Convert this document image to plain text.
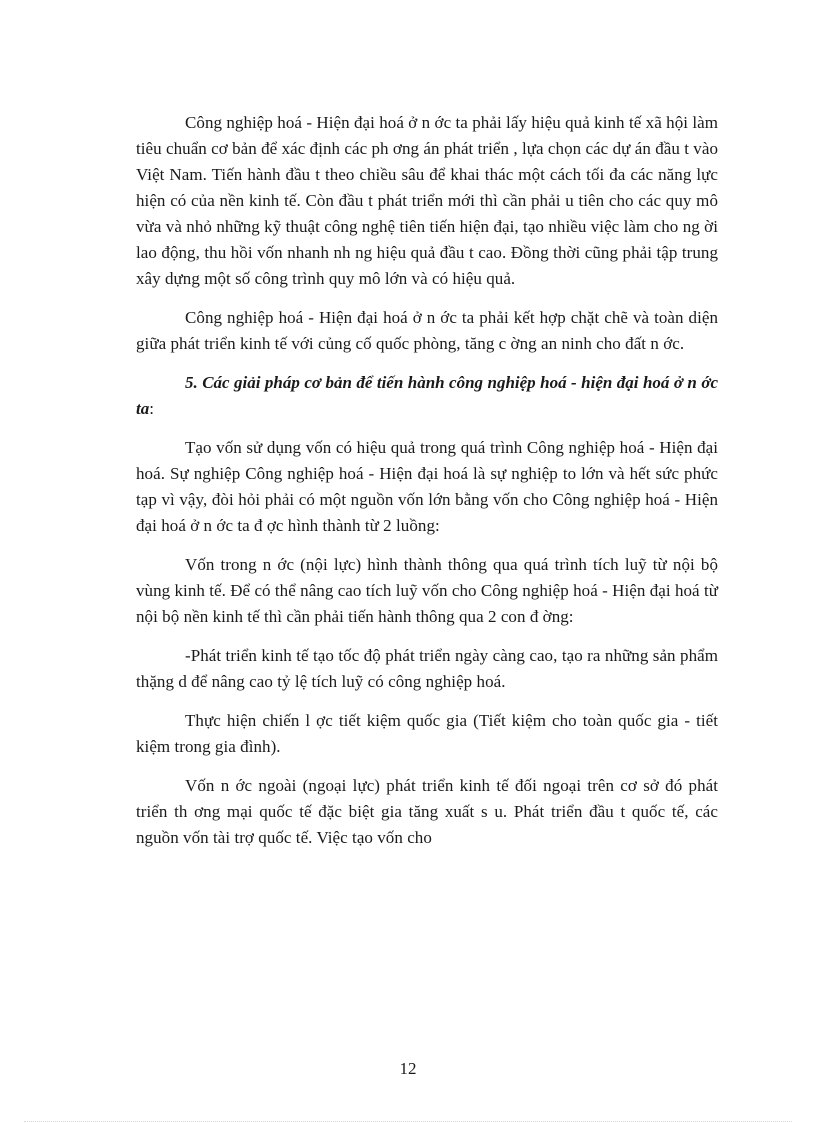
Công nghiệp hoá - Hiện đại hoá ở n ớc ta phải lấy hiệu quả kinh tế xã hội làm tiêu chuẩn cơ bản để xác định các ph ơng án phát triển , lựa chọn các dự án đầu t vào Việt Nam. Tiến hành đầu t theo chiều sâu để khai thác một cách tối đa các năng lực hiện có của nền kinh tế. Còn đầu t phát triển mới thì cần phải u tiên cho các quy mô vừa và nhỏ những kỹ thuật công nghệ tiên tiến hiện đại, tạo nhiều việc làm cho ng ời lao động, thu hồi vốn nhanh nh ng hiệu quả đầu t cao. Đồng thời cũng phải tập trung xây dựng một số công trình quy mô lớn và có hiệu quả.

Công nghiệp hoá - Hiện đại hoá ở n ớc ta phải kết hợp chặt chẽ và toàn diện giữa phát triển kinh tế với củng cố quốc phòng, tăng c ờng an ninh cho đất n ớc.

5. Các giải pháp cơ bản để tiến hành công nghiệp hoá - hiện đại hoá ở n ớc ta:

Tạo vốn sử dụng vốn có hiệu quả trong quá trình Công nghiệp hoá - Hiện đại hoá. Sự nghiệp Công nghiệp hoá - Hiện đại hoá là sự nghiệp to lớn và hết sức phức tạp vì vậy, đòi hỏi phải có một nguồn vốn lớn bằng vốn cho Công nghiệp hoá - Hiện đại hoá ở n ớc ta đ ợc hình thành từ 2 luồng:

Vốn trong n ớc (nội lực) hình thành thông qua quá trình tích luỹ từ nội bộ vùng kinh tế. Để có thể nâng cao tích luỹ vốn cho Công nghiệp hoá - Hiện đại hoá từ nội bộ nền kinh tế thì cần phải tiến hành thông qua 2 con đ ờng:

-Phát triển kinh tế tạo tốc độ phát triển ngày càng cao, tạo ra những sản phẩm thặng d để nâng cao tỷ lệ tích luỹ có công nghiệp hoá.

Thực hiện chiến l ợc tiết kiệm quốc gia (Tiết kiệm cho toàn quốc gia - tiết kiệm trong gia đình).

Vốn n ớc ngoài (ngoại lực) phát triển kinh tế đối ngoại trên cơ sở đó phát triển th ơng mại quốc tế đặc biệt gia tăng xuất s u. Phát triển đầu t quốc tế, các nguồn vốn tài trợ quốc tế. Việc tạo vốn cho

12
